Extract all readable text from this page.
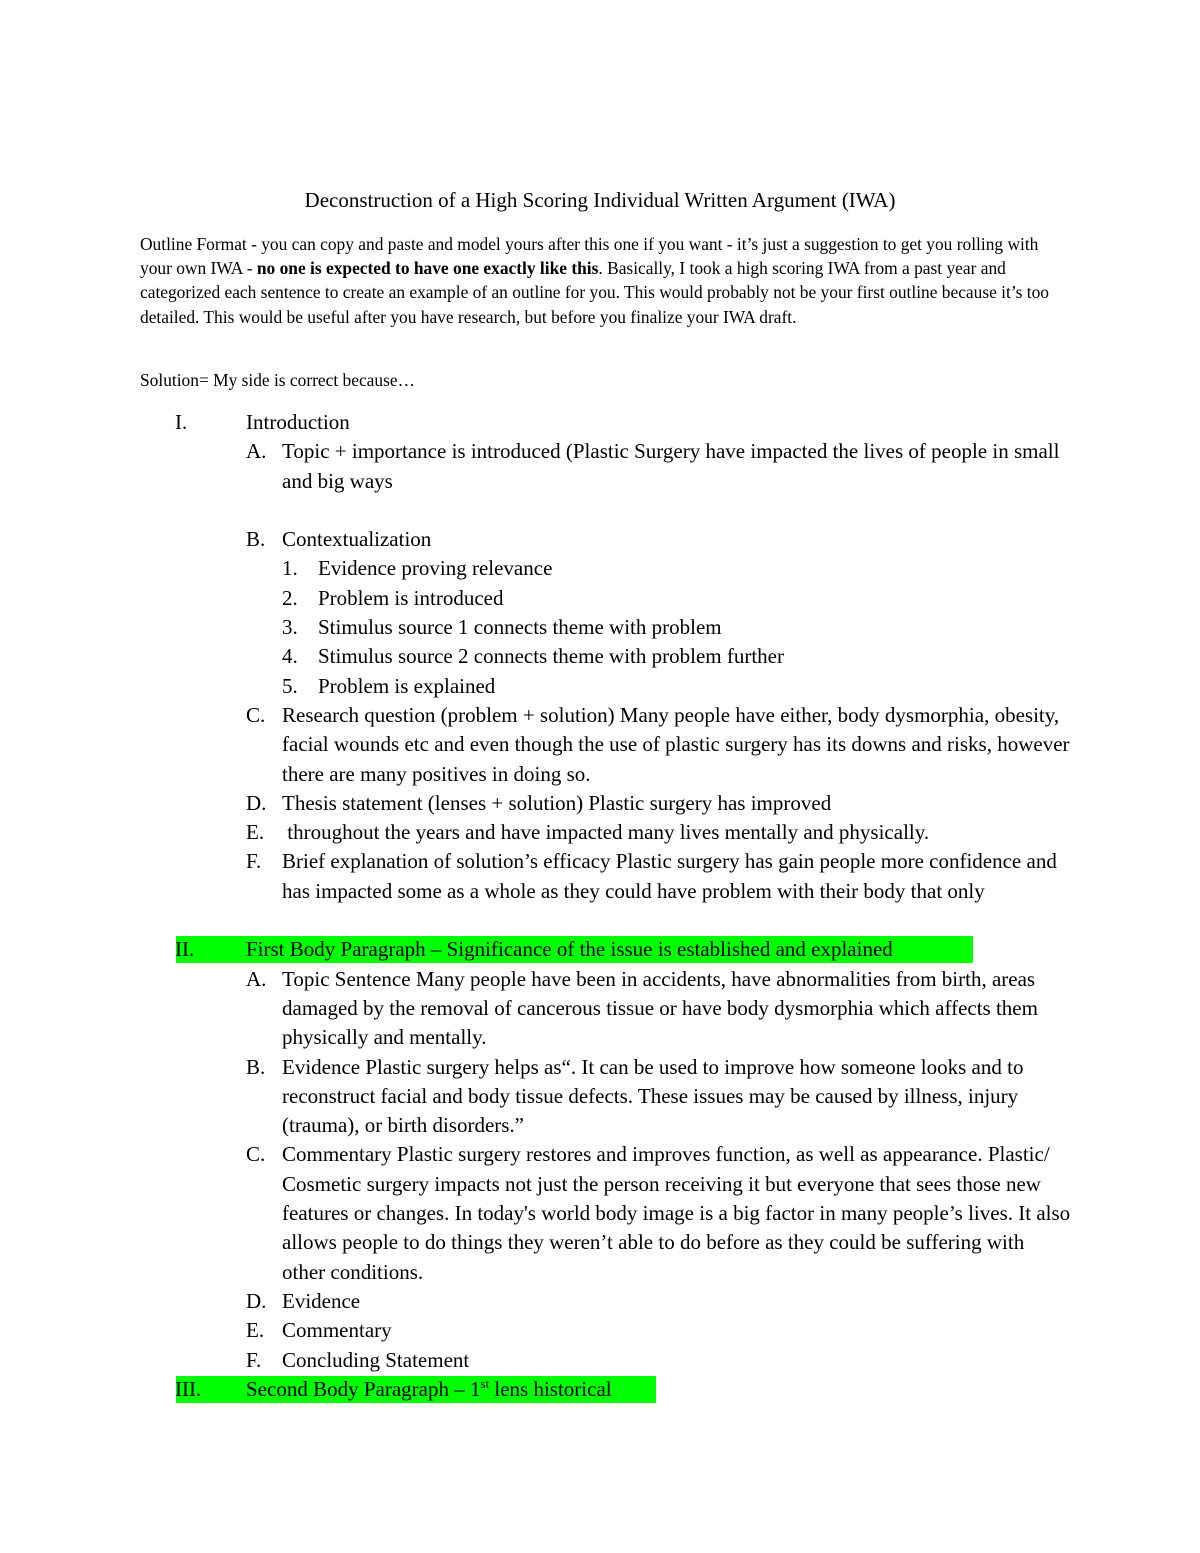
Deconstruction of a High Scoring Individual Written Argument (IWA)
Outline Format - you can copy and paste and model yours after this one if you want - it’s just a suggestion to get you rolling with your own IWA - no one is expected to have one exactly like this. Basically, I took a high scoring IWA from a past year and categorized each sentence to create an example of an outline for you. This would probably not be your first outline because it’s too detailed. This would be useful after you have research, but before you finalize your IWA draft.
Solution= My side is correct because…
I.	Introduction
A. Topic + importance is introduced (Plastic Surgery have impacted the lives of people in small and big ways
B. Contextualization
1. Evidence proving relevance
2. Problem is introduced
3. Stimulus source 1 connects theme with problem
4. Stimulus source 2 connects theme with problem further
5. Problem is explained
C. Research question (problem + solution) Many people have either, body dysmorphia, obesity, facial wounds etc and even though the use of plastic surgery has its downs and risks, however there are many positives in doing so.
D. Thesis statement (lenses + solution) Plastic surgery has improved
E. throughout the years and have impacted many lives mentally and physically.
F. Brief explanation of solution’s efficacy Plastic surgery has gain people more confidence and has impacted some as a whole as they could have problem with their body that only
II. First Body Paragraph – Significance of the issue is established and explained
A. Topic Sentence Many people have been in accidents, have abnormalities from birth, areas damaged by the removal of cancerous tissue or have body dysmorphia which affects them physically and mentally.
B. Evidence Plastic surgery helps as“. It can be used to improve how someone looks and to reconstruct facial and body tissue defects. These issues may be caused by illness, injury (trauma), or birth disorders.”
C. Commentary Plastic surgery restores and improves function, as well as appearance. Plastic/ Cosmetic surgery impacts not just the person receiving it but everyone that sees those new features or changes. In today's world body image is a big factor in many people’s lives. It also allows people to do things they weren’t able to do before as they could be suffering with other conditions.
D. Evidence
E. Commentary
F. Concluding Statement
III. Second Body Paragraph – 1st lens historical
